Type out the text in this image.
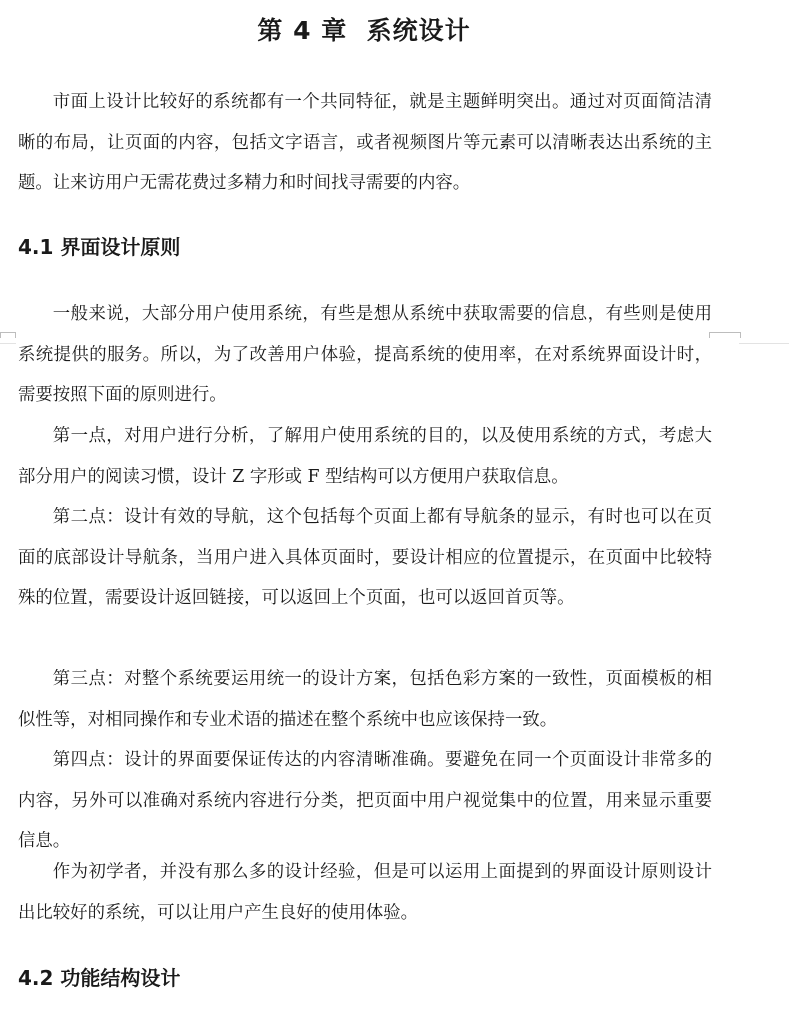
第 4 章  系统设计

市面上设计比较好的系统都有一个共同特征，就是主题鲜明突出。通过对页面简洁清晰的布局，让页面的内容，包括文字语言，或者视频图片等元素可以清晰表达出系统的主题。让来访用户无需花费过多精力和时间找寻需要的内容。

4.1 界面设计原则

一般来说，大部分用户使用系统，有些是想从系统中获取需要的信息，有些则是使用系统提供的服务。所以，为了改善用户体验，提高系统的使用率，在对系统界面设计时，需要按照下面的原则进行。

第一点，对用户进行分析，了解用户使用系统的目的，以及使用系统的方式，考虑大部分用户的阅读习惯，设计 Z 字形或 F 型结构可以方便用户获取信息。

第二点：设计有效的导航，这个包括每个页面上都有导航条的显示，有时也可以在页面的底部设计导航条，当用户进入具体页面时，要设计相应的位置提示，在页面中比较特殊的位置，需要设计返回链接，可以返回上个页面，也可以返回首页等。

第三点：对整个系统要运用统一的设计方案，包括色彩方案的一致性，页面模板的相似性等，对相同操作和专业术语的描述在整个系统中也应该保持一致。

第四点：设计的界面要保证传达的内容清晰准确。要避免在同一个页面设计非常多的内容，另外可以准确对系统内容进行分类，把页面中用户视觉集中的位置，用来显示重要信息。

作为初学者，并没有那么多的设计经验，但是可以运用上面提到的界面设计原则设计出比较好的系统，可以让用户产生良好的使用体验。

4.2 功能结构设计
